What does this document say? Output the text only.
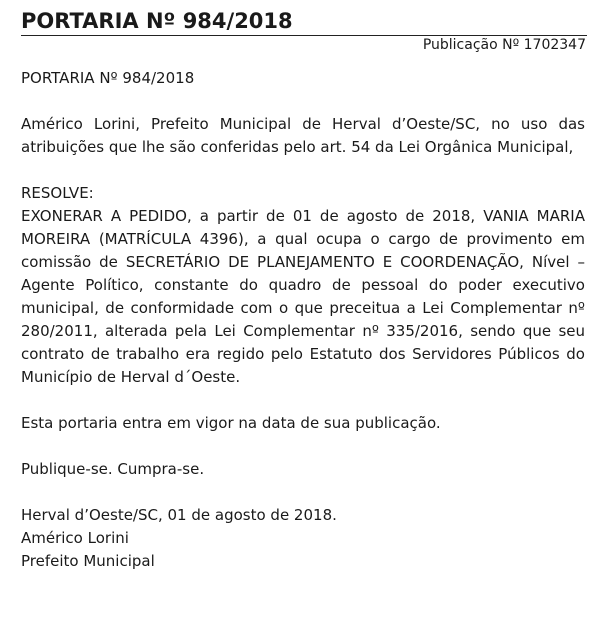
PORTARIA Nº 984/2018
Publicação Nº 1702347

PORTARIA Nº 984/2018

Américo Lorini, Prefeito Municipal de Herval d’Oeste/SC, no uso das atribuições que lhe são conferidas pelo art. 54 da Lei Orgânica Municipal,

RESOLVE:

EXONERAR A PEDIDO, a partir de 01 de agosto de 2018, VANIA MARIA MOREIRA (MATRÍCULA 4396), a qual ocupa o cargo de provimento em comissão de SECRETÁRIO DE PLANEJAMENTO E COORDENAÇÃO, Nível – Agente Político, constante do quadro de pessoal do poder executivo municipal, de conformidade com o que preceitua a Lei Complementar nº 280/2011, alterada pela Lei Complementar nº 335/2016, sendo que seu contrato de trabalho era regido pelo Estatuto dos Servidores Públicos do Município de Herval d´Oeste.

Esta portaria entra em vigor na data de sua publicação.

Publique-se. Cumpra-se.

Herval d’Oeste/SC, 01 de agosto de 2018.

Américo Lorini

Prefeito Municipal
